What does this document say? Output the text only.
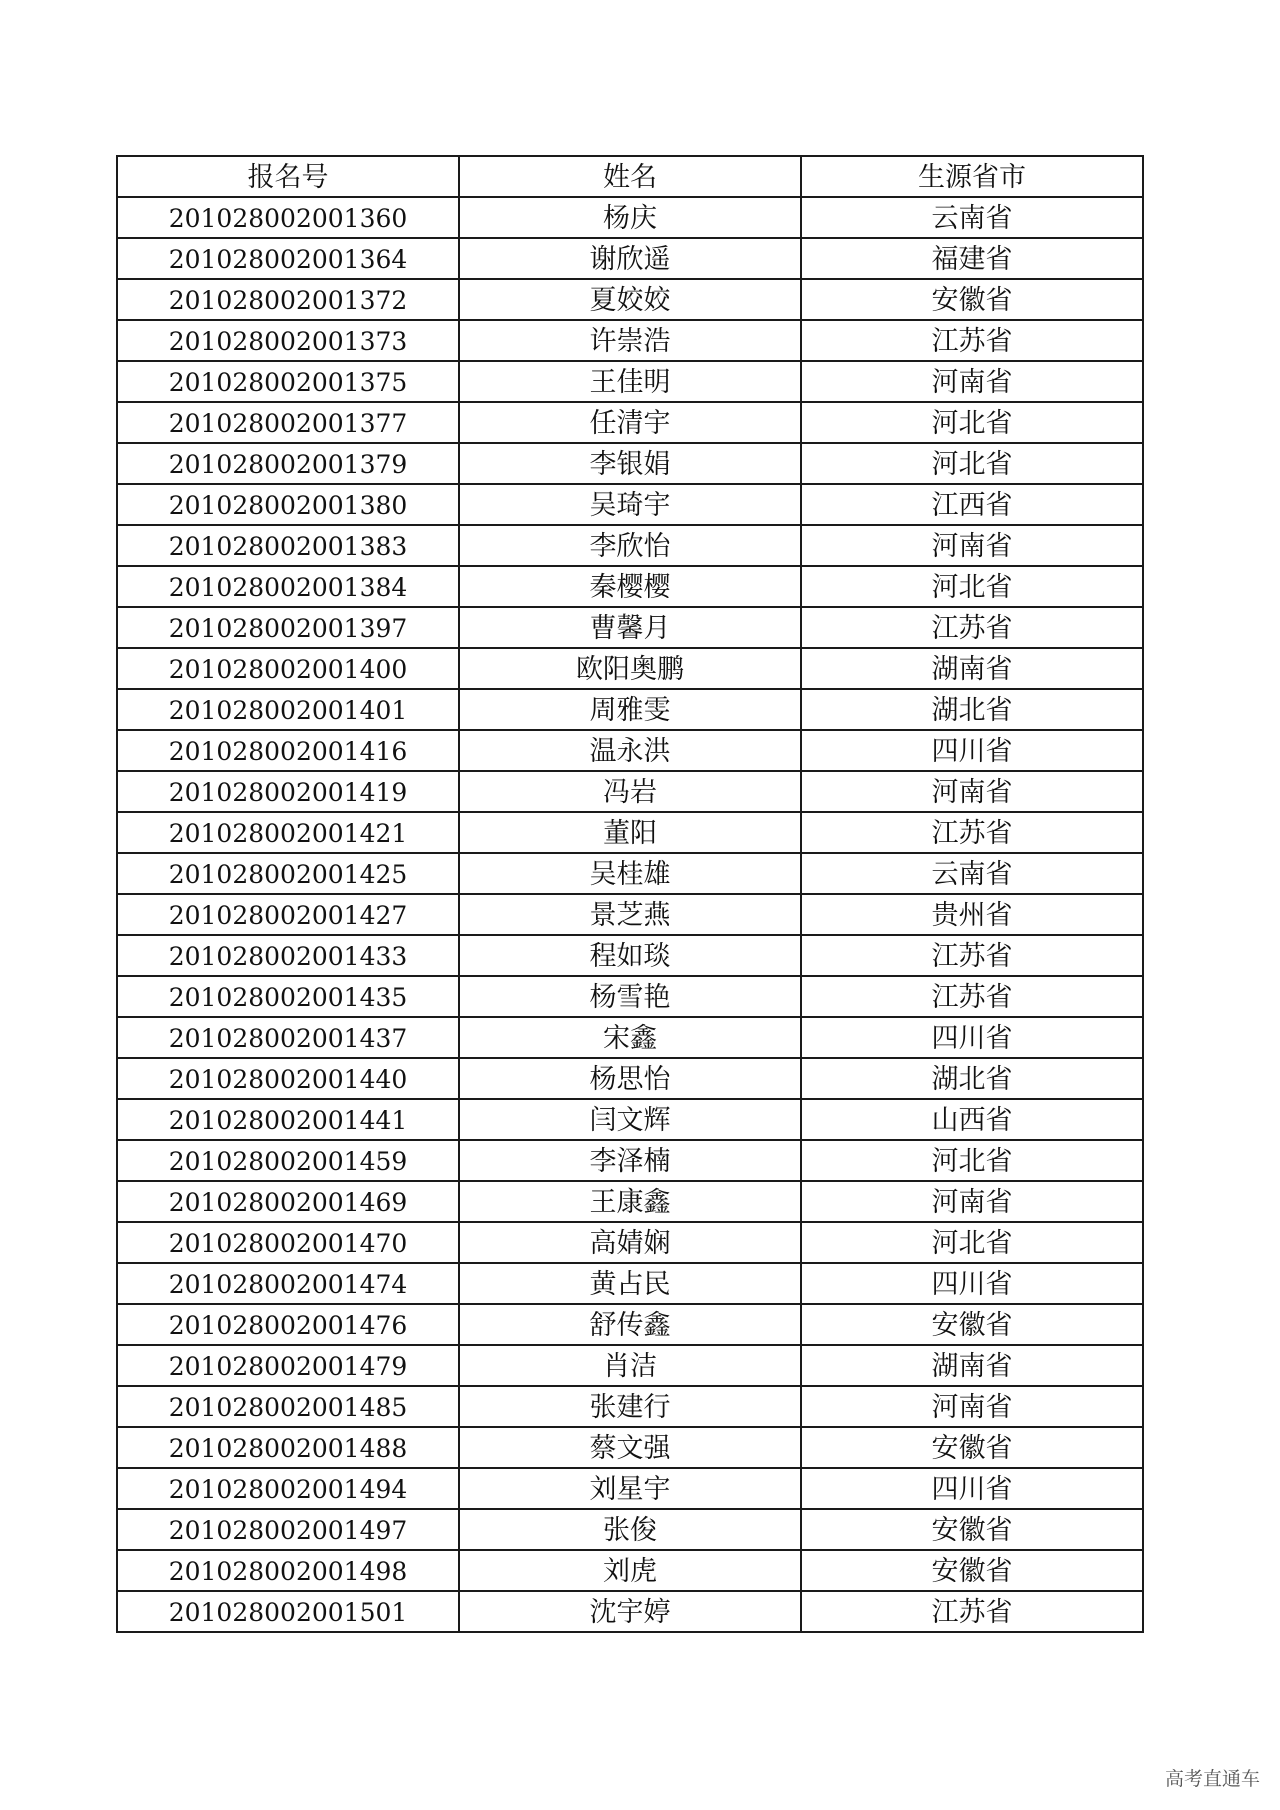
报名号	姓名	生源省市
201028002001360	杨庆	云南省
201028002001364	谢欣遥	福建省
201028002001372	夏姣姣	安徽省
201028002001373	许崇浩	江苏省
201028002001375	王佳明	河南省
201028002001377	任清宇	河北省
201028002001379	李银娟	河北省
201028002001380	吴琦宇	江西省
201028002001383	李欣怡	河南省
201028002001384	秦樱樱	河北省
201028002001397	曹馨月	江苏省
201028002001400	欧阳奥鹏	湖南省
201028002001401	周雅雯	湖北省
201028002001416	温永洪	四川省
201028002001419	冯岩	河南省
201028002001421	董阳	江苏省
201028002001425	吴桂雄	云南省
201028002001427	景芝燕	贵州省
201028002001433	程如琰	江苏省
201028002001435	杨雪艳	江苏省
201028002001437	宋鑫	四川省
201028002001440	杨思怡	湖北省
201028002001441	闫文辉	山西省
201028002001459	李泽楠	河北省
201028002001469	王康鑫	河南省
201028002001470	高婧娴	河北省
201028002001474	黄占民	四川省
201028002001476	舒传鑫	安徽省
201028002001479	肖洁	湖南省
201028002001485	张建行	河南省
201028002001488	蔡文强	安徽省
201028002001494	刘星宇	四川省
201028002001497	张俊	安徽省
201028002001498	刘虎	安徽省
201028002001501	沈宇婷	江苏省
高考直通车
